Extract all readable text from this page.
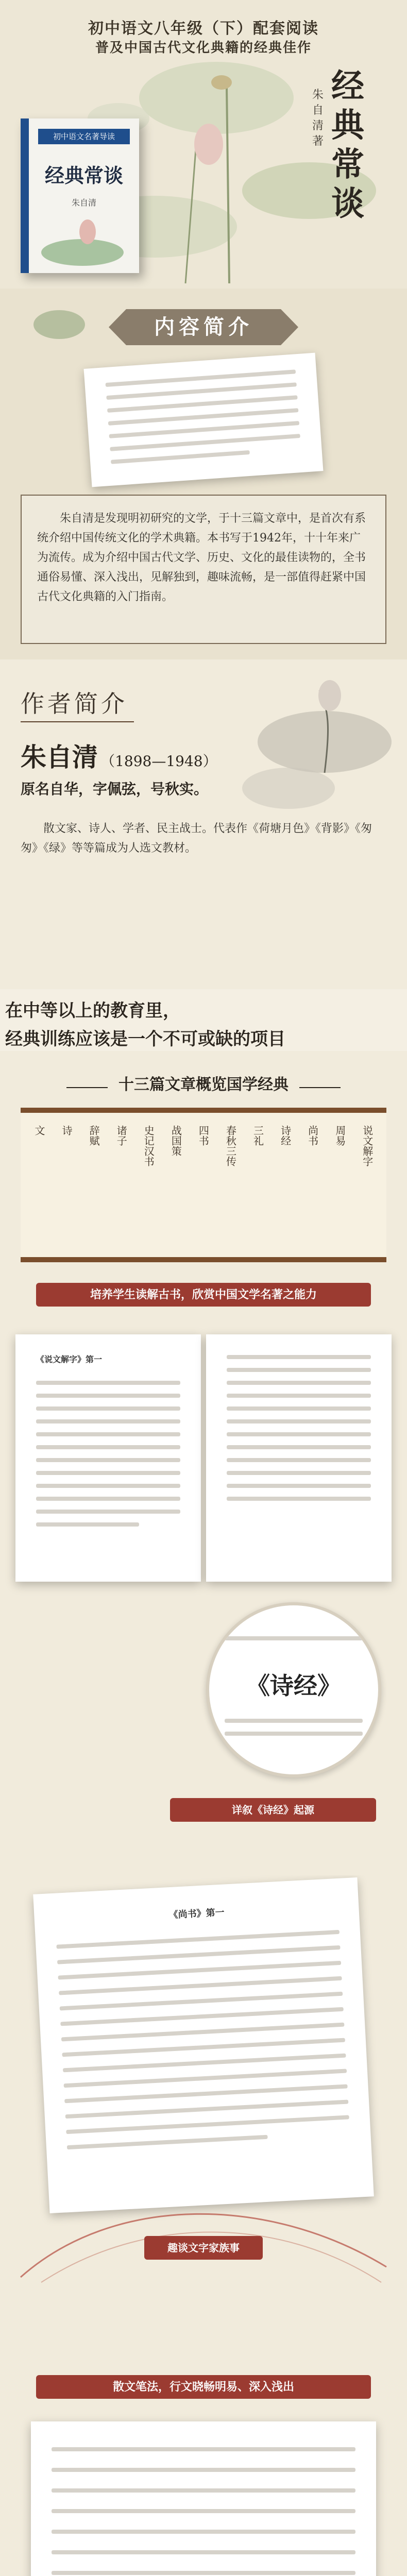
初中语文八年级（下）配套阅读
普及中国古代文化典籍的经典佳作
经典常谈
朱自清 著
初中语文名著导读
经典常谈
朱自清
内容简介

朱自清是发现明初研究的文学，于十三篇文章中，是首次有系统介绍中国传统文化的学术典籍。本书写于1942年，十十年来广为流传。成为介绍中国古代文学、历史、文化的最佳读物的，全书通俗易懂、深入浅出，见解独到，趣味流畅，是一部值得赶紧中国古代文化典籍的入门指南。

作者简介
朱自清 （1898—1948）
原名自华，字佩弦，号秋实。

散文家、诗人、学者、民主战士。代表作《荷塘月色》《背影》《匆匆》《绿》等等篇成为人选文教材。

在中等以上的教育里，
经典训练应该是一个不可或缺的项目
十三篇文章概览国学经典
说文解字
周易
尚书
诗经
三礼
春秋三传
四书
战国策
史记汉书
诸子
辞赋
诗
文
培养学生读解古书，欣赏中国文学名著之能力
《说文解字》第一
《诗经》
详叙《诗经》起源
《尚书》第一
趣谈文字家族事
散文笔法，行文晓畅明易、深入浅出
